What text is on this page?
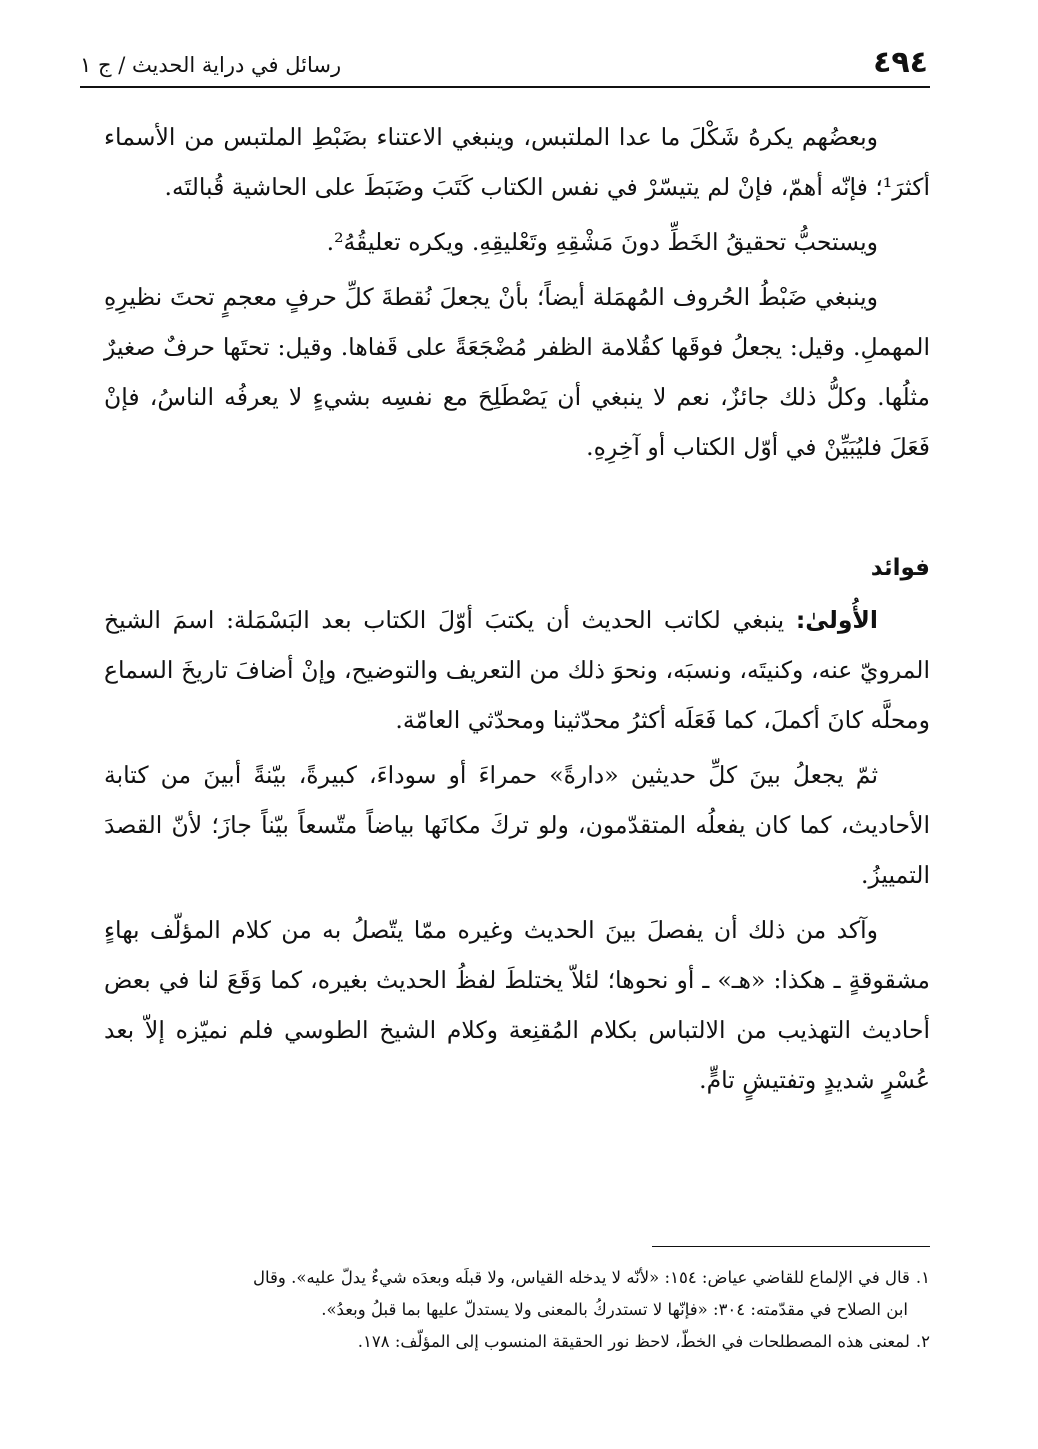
٤٩٤
رسائل في دراية الحديث / ج ١

وبعضُهم يكرهُ شَكْلَ ما عدا الملتبس، وينبغي الاعتناء بضَبْطِ الملتبس من الأسماء أكثرَ¹؛ فإنّه أهمّ، فإنْ لم يتيسّرْ في نفس الكتاب كَتَبَ وضَبَطَ على الحاشية قُبالتَه.

ويستحبُّ تحقيقُ الخَطِّ دونَ مَشْقِهِ وتَعْليقِهِ. ويكره تعليقُهُ².

وينبغي ضَبْطُ الحُروف المُهمَلة أيضاً؛ بأنْ يجعلَ نُقطةَ كلِّ حرفٍ معجمٍ تحتَ نظيرِهِ المهملِ. وقيل: يجعلُ فوقَها كقُلامة الظفر مُضْجَعَةً على قَفاها. وقيل: تحتَها حرفٌ صغيرٌ مثلُها. وكلُّ ذلك جائزٌ، نعم لا ينبغي أن يَصْطَلِحَ مع نفسِه بشيءٍ لا يعرفُه الناسُ، فإنْ فَعَلَ فليُبَيِّنْ في أوّل الكتاب أو آخِرِهِ.

فوائد

الأُولىٰ: ينبغي لكاتب الحديث أن يكتبَ أوّلَ الكتاب بعد البَسْمَلة: اسمَ الشيخ المرويّ عنه، وكنيتَه، ونسبَه، ونحوَ ذلك من التعريف والتوضيح، وإنْ أضافَ تاريخَ السماع ومحلَّه كانَ أكملَ، كما فَعَلَه أكثرُ محدّثينا ومحدّثي العامّة.

ثمّ يجعلُ بينَ كلِّ حديثين «دارةً» حمراءَ أو سوداءَ، كبيرةً، بيّنةً أبينَ من كتابة الأحاديث، كما كان يفعلُه المتقدّمون، ولو تركَ مكانَها بياضاً متّسعاً بيّناً جازَ؛ لأنّ القصدَ التمييزُ.

وآكد من ذلك أن يفصلَ بينَ الحديث وغيره ممّا يتّصلُ به من كلام المؤلّف بهاءٍ مشقوقةٍ ـ هكذا: «هـ» ـ أو نحوها؛ لئلاّ يختلطَ لفظُ الحديث بغيره، كما وَقَعَ لنا في بعض أحاديث التهذيب من الالتباس بكلام المُقنِعة وكلام الشيخ الطوسي فلم نميّزه إلاّ بعد عُسْرٍ شديدٍ وتفتيشٍ تامٍّ.

١.قال في الإلماع للقاضي عياض: ١٥٤: «لأنّه لا يدخله القياس، ولا قبلَه وبعدَه شيءٌ يدلّ عليه». وقال

ابن الصلاح في مقدّمته: ٣٠٤: «فإنّها لا تستدركُ بالمعنى ولا يستدلّ عليها بما قبلُ وبعدُ».

٢.لمعنى هذه المصطلحات في الخطّ، لاحظ نور الحقيقة المنسوب إلى المؤلّف: ١٧٨.
